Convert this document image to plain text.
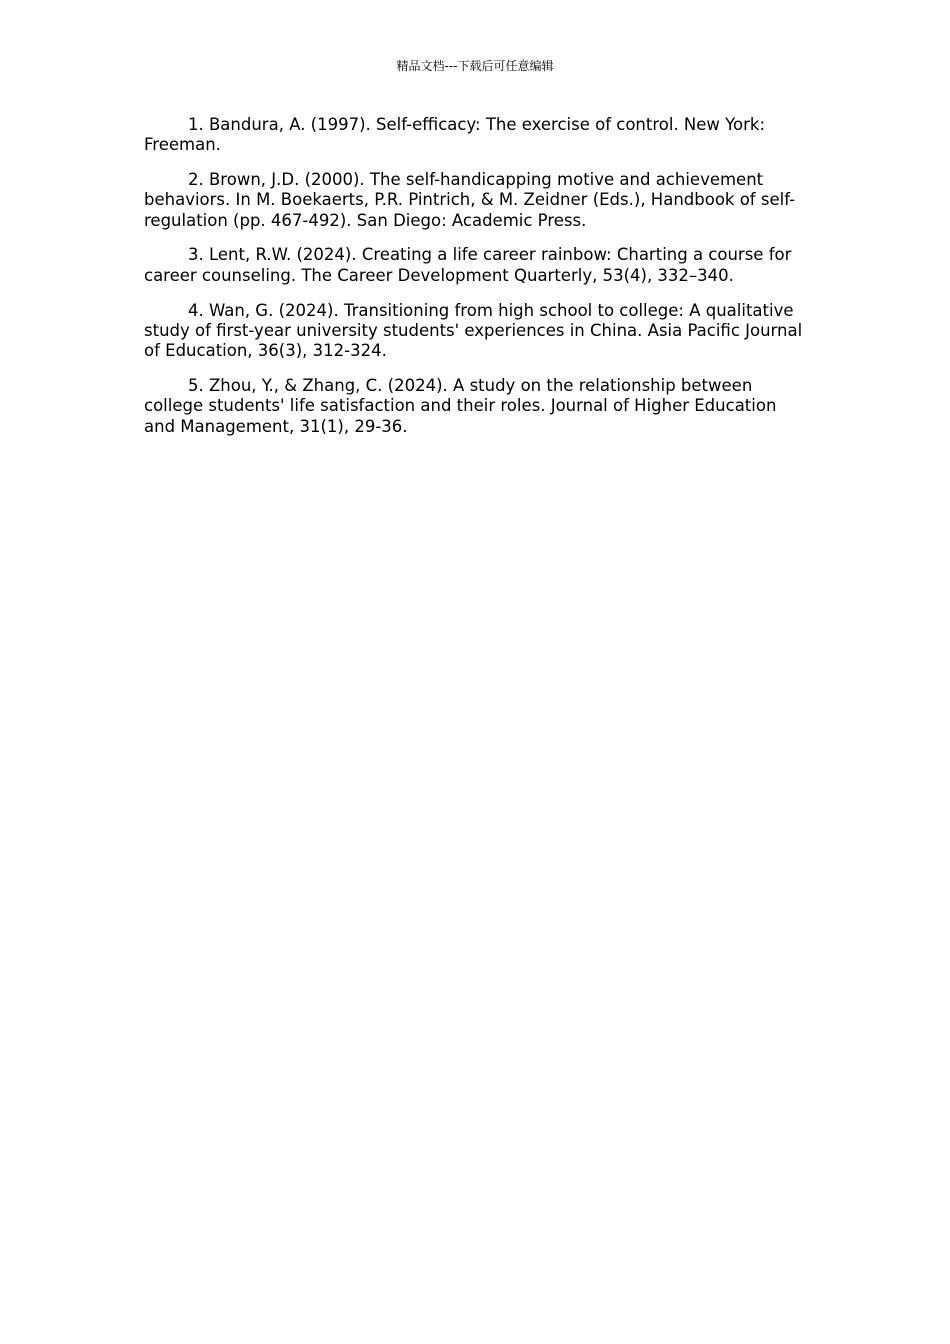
精品文档---下载后可任意编辑

1. Bandura, A. (1997). Self-efficacy: The exercise of control. New York: Freeman.

2. Brown, J.D. (2000). The self-handicapping motive and achievement behaviors. In M. Boekaerts, P.R. Pintrich, & M. Zeidner (Eds.), Handbook of self-regulation (pp. 467-492). San Diego: Academic Press.

3. Lent, R.W. (2024). Creating a life career rainbow: Charting a course for career counseling. The Career Development Quarterly, 53(4), 332–340.

4. Wan, G. (2024). Transitioning from high school to college: A qualitative study of first-year university students' experiences in China. Asia Pacific Journal of Education, 36(3), 312-324.

5. Zhou, Y., & Zhang, C. (2024). A study on the relationship between college students' life satisfaction and their roles. Journal of Higher Education and Management, 31(1), 29-36.
